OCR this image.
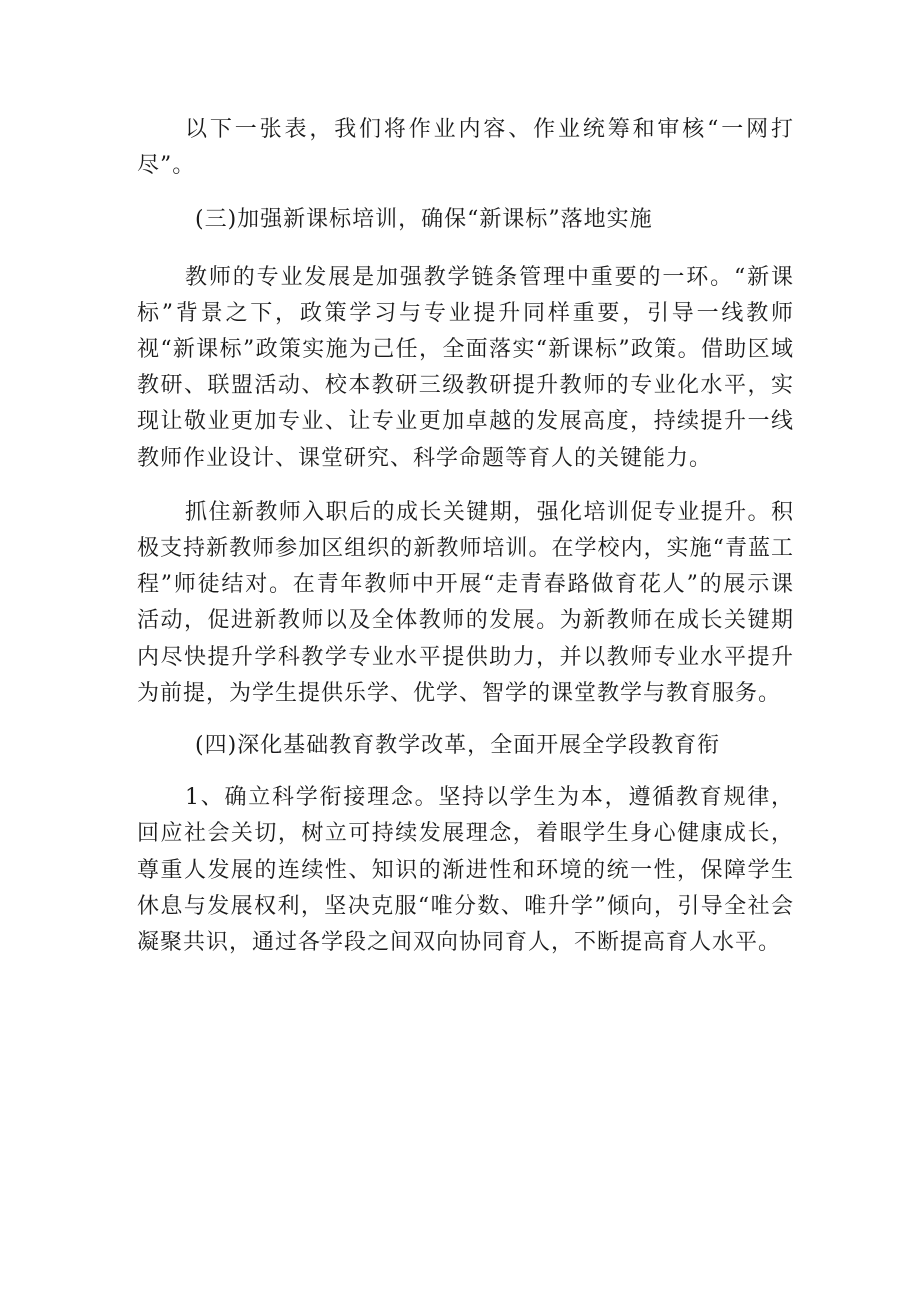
以下一张表，我们将作业内容、作业统筹和审核“一网打尽”。

(三)加强新课标培训，确保“新课标”落地实施

教师的专业发展是加强教学链条管理中重要的一环。“新课标”背景之下，政策学习与专业提升同样重要，引导一线教师视“新课标”政策实施为己任，全面落实“新课标”政策。借助区域教研、联盟活动、校本教研三级教研提升教师的专业化水平，实现让敬业更加专业、让专业更加卓越的发展高度，持续提升一线教师作业设计、课堂研究、科学命题等育人的关键能力。

抓住新教师入职后的成长关键期，强化培训促专业提升。积极支持新教师参加区组织的新教师培训。在学校内，实施“青蓝工程”师徒结对。在青年教师中开展“走青春路做育花人”的展示课活动，促进新教师以及全体教师的发展。为新教师在成长关键期内尽快提升学科教学专业水平提供助力，并以教师专业水平提升为前提，为学生提供乐学、优学、智学的课堂教学与教育服务。

(四)深化基础教育教学改革，全面开展全学段教育衔

1、确立科学衔接理念。坚持以学生为本，遵循教育规律，回应社会关切，树立可持续发展理念，着眼学生身心健康成长，尊重人发展的连续性、知识的渐进性和环境的统一性，保障学生休息与发展权利，坚决克服“唯分数、唯升学”倾向，引导全社会凝聚共识，通过各学段之间双向协同育人，不断提高育人水平。
